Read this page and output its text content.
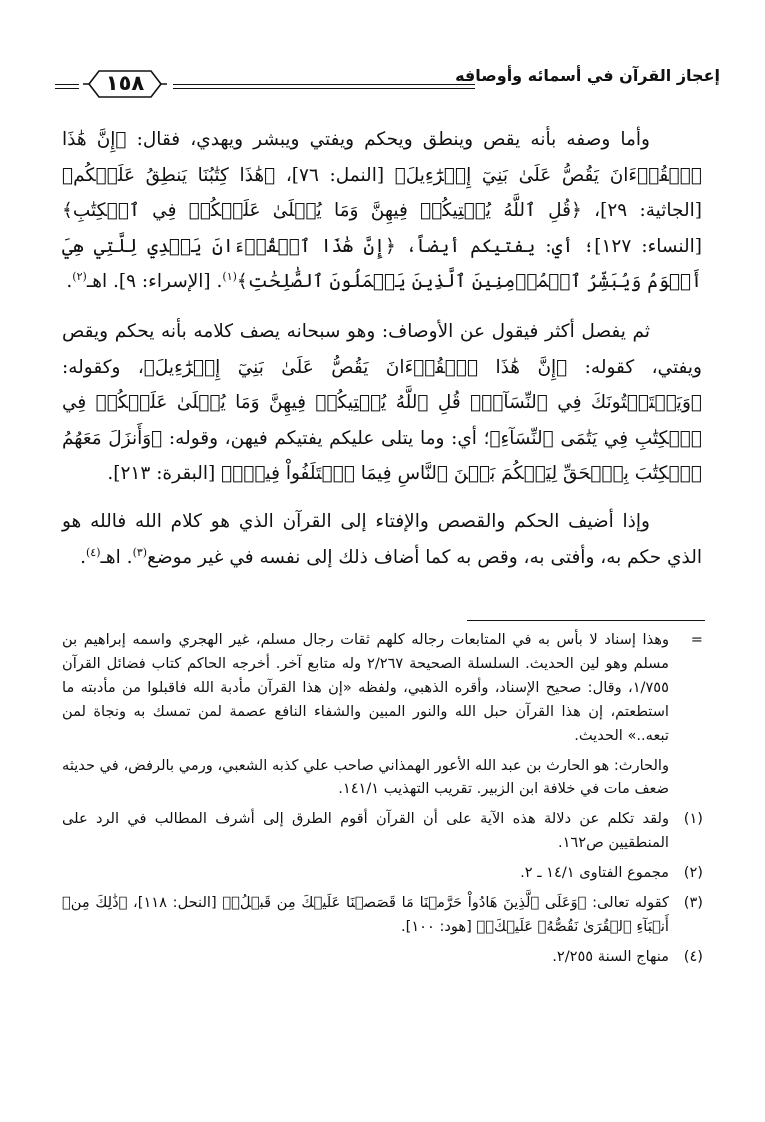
إعجاز القرآن في أسمائه وأوصافه
١٥٨

وأما وصفه بأنه يقص وينطق ويحكم ويفتي ويبشر ويهدي، فقال: ﴿إِنَّ هَٰذَا ٱلۡقُرۡءَانَ يَقُصُّ عَلَىٰ بَنِيٓ إِسۡرَٰٓءِيلَ﴾ [النمل: ٧٦]، ﴿هَٰذَا كِتَٰبُنَا يَنطِقُ عَلَيۡكُم﴾ [الجاثية: ٢٩]، ﴿قُلِ ٱللَّهُ يُفۡتِيكُمۡ فِيهِنَّ وَمَا يُتۡلَىٰ عَلَيۡكُمۡ فِي ٱلۡكِتَٰبِ﴾ [النساء: ١٢٧]؛ أي: يفتيكم أيضاً، ﴿إِنَّ هَٰذَا ٱلۡقُرۡءَانَ يَهۡدِي لِلَّتِي هِيَ أَقۡوَمُ وَيُبَشِّرُ ٱلۡمُؤۡمِنِينَ ٱلَّذِينَ يَعۡمَلُونَ ٱلصَّٰلِحَٰتِ﴾$^{(١)}$. [الإسراء: ٩]. اهـ$^{(٢)}$.

ثم يفصل أكثر فيقول عن الأوصاف: وهو سبحانه يصف كلامه بأنه يحكم ويقص ويفتي، كقوله: ﴿إِنَّ هَٰذَا ٱلۡقُرۡءَانَ يَقُصُّ عَلَىٰ بَنِيٓ إِسۡرَٰٓءِيلَ﴾، وكقوله: ﴿وَيَسۡتَفۡتُونَكَ فِي ٱلنِّسَآءِۖ قُلِ ٱللَّهُ يُفۡتِيكُمۡ فِيهِنَّ وَمَا يُتۡلَىٰ عَلَيۡكُمۡ فِي ٱلۡكِتَٰبِ فِي يَتَٰمَى ٱلنِّسَآءِ﴾؛ أي: وما يتلى عليكم يفتيكم فيهن، وقوله: ﴿وَأَنزَلَ مَعَهُمُ ٱلۡكِتَٰبَ بِٱلۡحَقِّ لِيَحۡكُمَ بَيۡنَ ٱلنَّاسِ فِيمَا ٱخۡتَلَفُواْ فِيهِۚ﴾ [البقرة: ٢١٣].

وإذا أضيف الحكم والقصص والإفتاء إلى القرآن الذي هو كلام الله فالله هو الذي حكم به، وأفتى به، وقص به كما أضاف ذلك إلى نفسه في غير موضع$^{(٣)}$. اهـ$^{(٤)}$.

=
وهذا إسناد لا بأس به في المتابعات رجاله كلهم ثقات رجال مسلم، غير الهجري واسمه إبراهيم بن مسلم وهو لين الحديث. السلسلة الصحيحة ٢/٢٦٧ وله متابع آخر. أخرجه الحاكم كتاب فضائل القرآن ١/٧٥٥، وقال: صحيح الإسناد، وأقره الذهبي، ولفظه «إن هذا القرآن مأدبة الله فاقبلوا من مأدبته ما استطعتم، إن هذا القرآن حبل الله والنور المبين والشفاء النافع عصمة لمن تمسك به ونجاة لمن تبعه..» الحديث.
والحارث: هو الحارث بن عبد الله الأعور الهمذاني صاحب علي كذبه الشعبي، ورمي بالرفض، في حديثه ضعف مات في خلافة ابن الزبير. تقريب التهذيب ١٤١/١.
(١)
ولقد تكلم عن دلالة هذه الآية على أن القرآن أقوم الطرق إلى أشرف المطالب في الرد على المنطقيين ص١٦٢.
(٢)
مجموع الفتاوى ١٤/١ ـ ٢.
(٣)
كقوله تعالى: ﴿وَعَلَى ٱلَّذِينَ هَادُواْ حَرَّمۡنَا مَا قَصَصۡنَا عَلَيۡكَ مِن قَبۡلُۖ﴾ [النحل: ١١٨]، ﴿ذَٰلِكَ مِنۡ أَنۢبَآءِ ٱلۡقُرَىٰ نَقُصُّهُۥ عَلَيۡكَۖ﴾ [هود: ١٠٠].
(٤)
منهاج السنة ٢/٢٥٥.
